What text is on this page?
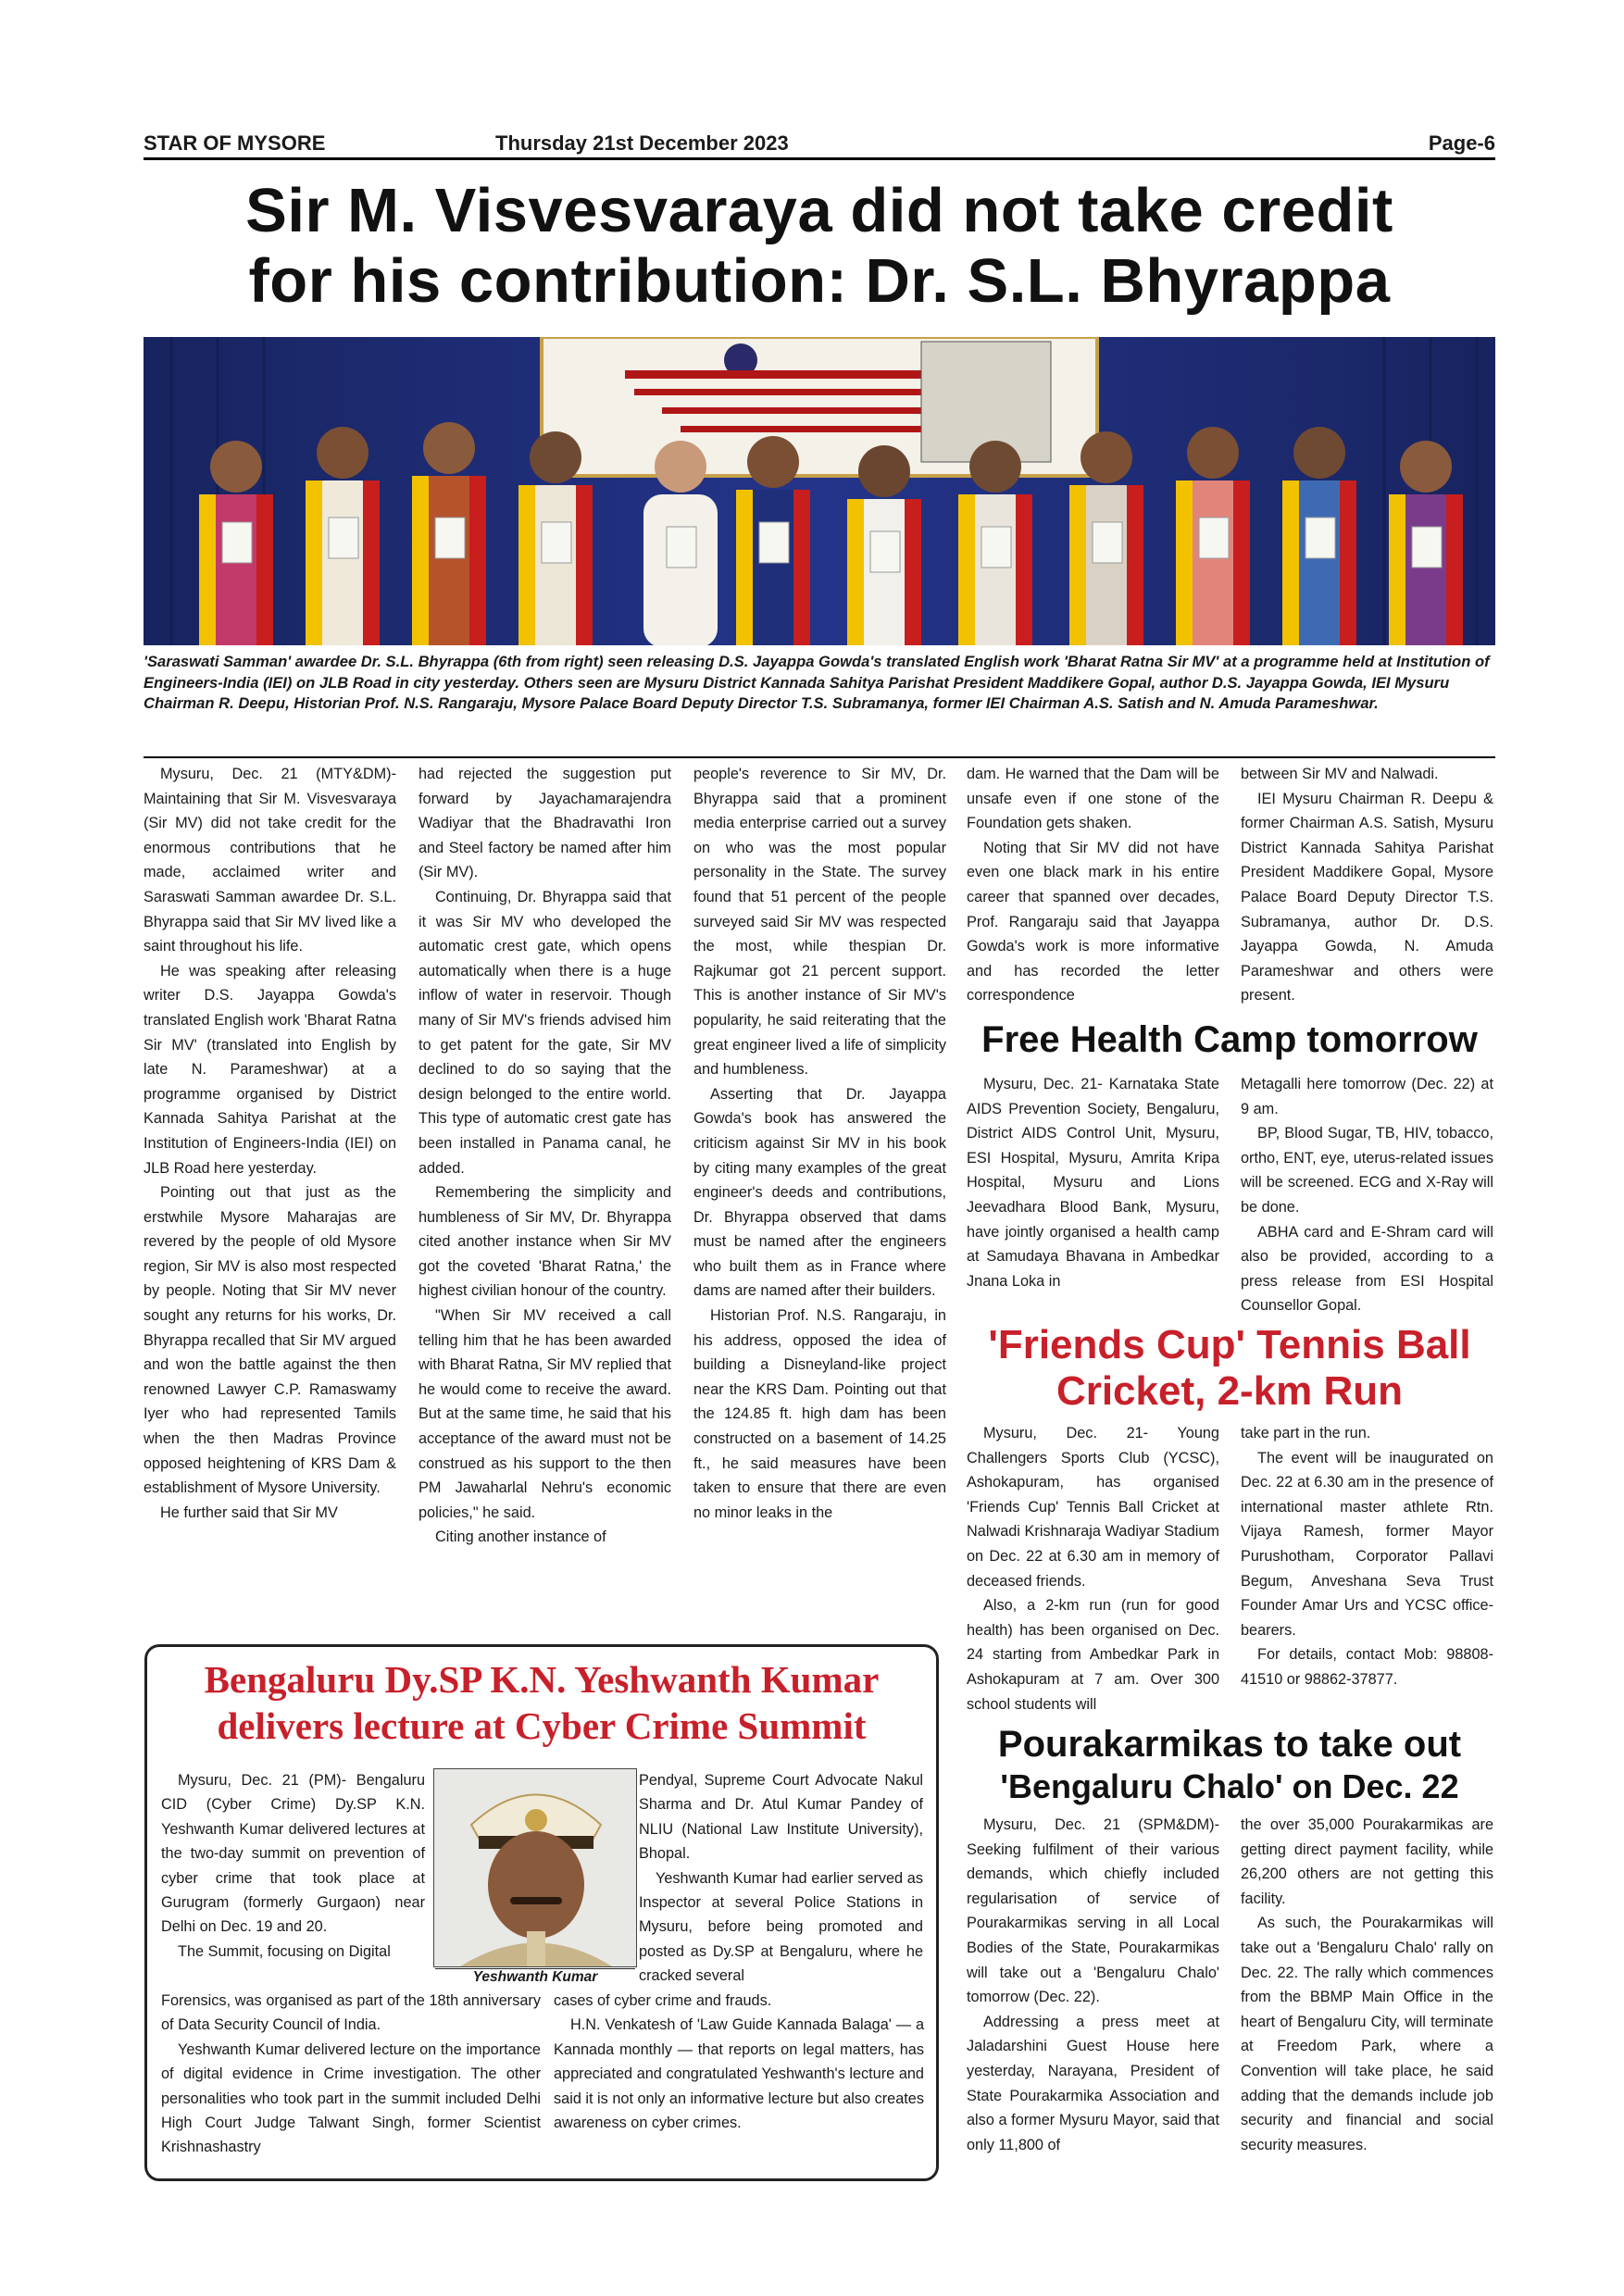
STAR OF MYSORE	Thursday 21st December 2023	Page-6
Sir M. Visvesvaraya did not take credit
for his contribution: Dr. S.L. Bhyrappa
'Saraswati Samman' awardee Dr. S.L. Bhyrappa (6th from right) seen releasing D.S. Jayappa Gowda's translated English work 'Bharat Ratna Sir MV' at a programme held at Institution of Engineers-India (IEI) on JLB Road in city yesterday. Others seen are Mysuru District Kannada Sahitya Parishat President Maddikere Gopal, author D.S. Jayappa Gowda, IEI Mysuru Chairman R. Deepu, Historian Prof. N.S. Rangaraju, Mysore Palace Board Deputy Director T.S. Subramanya, former IEI Chairman A.S. Satish and N. Amuda Parameshwar.

Mysuru, Dec. 21 (MTY&DM)- Maintaining that Sir M. Visvesvaraya (Sir MV) did not take credit for the enormous contributions that he made, acclaimed writer and Saraswati Samman awardee Dr. S.L. Bhyrappa said that Sir MV lived like a saint throughout his life.

He was speaking after releasing writer D.S. Jayappa Gowda's translated English work 'Bharat Ratna Sir MV' (translated into English by late N. Parameshwar) at a programme organised by District Kannada Sahitya Parishat at the Institution of Engineers-India (IEI) on JLB Road here yesterday.

Pointing out that just as the erstwhile Mysore Maharajas are revered by the people of old Mysore region, Sir MV is also most respected by people. Noting that Sir MV never sought any returns for his works, Dr. Bhyrappa recalled that Sir MV argued and won the battle against the then renowned Lawyer C.P. Ramaswamy Iyer who had represented Tamils when the then Madras Province opposed heightening of KRS Dam & establishment of Mysore University.

He further said that Sir MV

had rejected the suggestion put forward by Jayachamarajendra Wadiyar that the Bhadravathi Iron and Steel factory be named after him (Sir MV).

Continuing, Dr. Bhyrappa said that it was Sir MV who developed the automatic crest gate, which opens automatically when there is a huge inflow of water in reservoir. Though many of Sir MV's friends advised him to get patent for the gate, Sir MV declined to do so saying that the design belonged to the entire world. This type of automatic crest gate has been installed in Panama canal, he added.

Remembering the simplicity and humbleness of Sir MV, Dr. Bhyrappa cited another instance when Sir MV got the coveted 'Bharat Ratna,' the highest civilian honour of the country.

"When Sir MV received a call telling him that he has been awarded with Bharat Ratna, Sir MV replied that he would come to receive the award. But at the same time, he said that his acceptance of the award must not be construed as his support to the then PM Jawaharlal Nehru's economic policies," he said.

Citing another instance of

people's reverence to Sir MV, Dr. Bhyrappa said that a prominent media enterprise carried out a survey on who was the most popular personality in the State. The survey found that 51 percent of the people surveyed said Sir MV was respected the most, while thespian Dr. Rajkumar got 21 percent support. This is another instance of Sir MV's popularity, he said reiterating that the great engineer lived a life of simplicity and humbleness.

Asserting that Dr. Jayappa Gowda's book has answered the criticism against Sir MV in his book by citing many examples of the great engineer's deeds and contributions, Dr. Bhyrappa observed that dams must be named after the engineers who built them as in France where dams are named after their builders.

Historian Prof. N.S. Rangaraju, in his address, opposed the idea of building a Disneyland-like project near the KRS Dam. Pointing out that the 124.85 ft. high dam has been constructed on a basement of 14.25 ft., he said measures have been taken to ensure that there are even no minor leaks in the

dam. He warned that the Dam will be unsafe even if one stone of the Foundation gets shaken.

Noting that Sir MV did not have even one black mark in his entire career that spanned over decades, Prof. Rangaraju said that Jayappa Gowda's work is more informative and has recorded the letter correspondence

between Sir MV and Nalwadi.

IEI Mysuru Chairman R. Deepu & former Chairman A.S. Satish, Mysuru District Kannada Sahitya Parishat President Maddikere Gopal, Mysore Palace Board Deputy Director T.S. Subramanya, author Dr. D.S. Jayappa Gowda, N. Amuda Parameshwar and others were present.

Free Health Camp tomorrow

Mysuru, Dec. 21- Karnataka State AIDS Prevention Society, Bengaluru, District AIDS Control Unit, Mysuru, ESI Hospital, Mysuru, Amrita Kripa Hospital, Mysuru and Lions Jeevadhara Blood Bank, Mysuru, have jointly organised a health camp at Samudaya Bhavana in Ambedkar Jnana Loka in

Metagalli here tomorrow (Dec. 22) at 9 am.

BP, Blood Sugar, TB, HIV, tobacco, ortho, ENT, eye, uterus-related issues will be screened. ECG and X-Ray will be done.

ABHA card and E-Shram card will also be provided, according to a press release from ESI Hospital Counsellor Gopal.

'Friends Cup' Tennis Ball
Cricket, 2-km Run

Mysuru, Dec. 21- Young Challengers Sports Club (YCSC), Ashokapuram, has organised 'Friends Cup' Tennis Ball Cricket at Nalwadi Krishnaraja Wadiyar Stadium on Dec. 22 at 6.30 am in memory of deceased friends.

Also, a 2-km run (run for good health) has been organised on Dec. 24 starting from Ambedkar Park in Ashokapuram at 7 am. Over 300 school students will

take part in the run.

The event will be inaugurated on Dec. 22 at 6.30 am in the presence of international master athlete Rtn. Vijaya Ramesh, former Mayor Purushotham, Corporator Pallavi Begum, Anveshana Seva Trust Founder Amar Urs and YCSC office-bearers.

For details, contact Mob: 98808-41510 or 98862-37877.

Pourakarmikas to take out
'Bengaluru Chalo' on Dec. 22

Mysuru, Dec. 21 (SPM&DM)- Seeking fulfilment of their various demands, which chiefly included regularisation of service of Pourakarmikas serving in all Local Bodies of the State, Pourakarmikas will take out a 'Bengaluru Chalo' tomorrow (Dec. 22).

Addressing a press meet at Jaladarshini Guest House here yesterday, Narayana, President of State Pourakarmika Association and also a former Mysuru Mayor, said that only 11,800 of

the over 35,000 Pourakarmikas are getting direct payment facility, while 26,200 others are not getting this facility.

As such, the Pourakarmikas will take out a 'Bengaluru Chalo' rally on Dec. 22. The rally which commences from the BBMP Main Office in the heart of Bengaluru City, will terminate at Freedom Park, where a Convention will take place, he said adding that the demands include job security and financial and social security measures.

Bengaluru Dy.SP K.N. Yeshwanth Kumar
delivers lecture at Cyber Crime Summit
Yeshwanth Kumar

Mysuru, Dec. 21 (PM)- Bengaluru CID (Cyber Crime) Dy.SP K.N. Yeshwanth Kumar delivered lectures at the two-day summit on prevention of cyber crime that took place at Gurugram (formerly Gurgaon) near Delhi on Dec. 19 and 20.

The Summit, focusing on Digital

Forensics, was organised as part of the 18th anniversary of Data Security Council of India.

Yeshwanth Kumar delivered lecture on the importance of digital evidence in Crime investigation. The other personalities who took part in the summit included Delhi High Court Judge Talwant Singh, former Scientist Krishnashastry

Pendyal, Supreme Court Advocate Nakul Sharma and Dr. Atul Kumar Pandey of NLIU (National Law Institute University), Bhopal.

Yeshwanth Kumar had earlier served as Inspector at several Police Stations in Mysuru, before being promoted and posted as Dy.SP at Bengaluru, where he cracked several

cases of cyber crime and frauds.

H.N. Venkatesh of 'Law Guide Kannada Balaga' — a Kannada monthly — that reports on legal matters, has appreciated and congratulated Yeshwanth's lecture and said it is not only an informative lecture but also creates awareness on cyber crimes.
